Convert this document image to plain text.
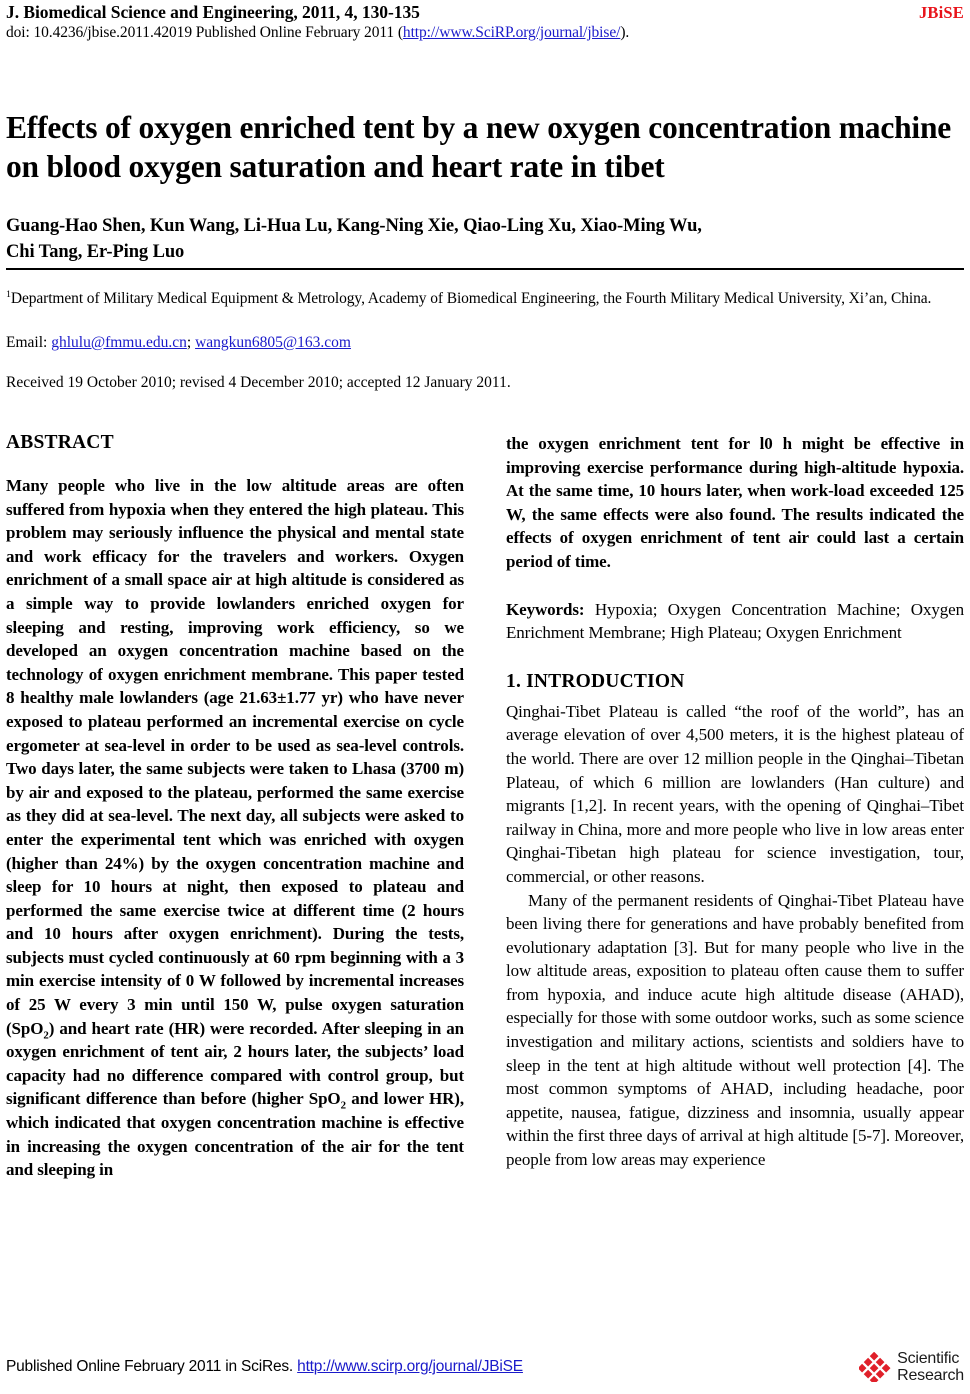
J. Biomedical Science and Engineering, 2011, 4, 130-135	JBiSE
doi: 10.4236/jbise.2011.42019 Published Online February 2011 (http://www.SciRP.org/journal/jbise/).
Effects of oxygen enriched tent by a new oxygen concentration machine on blood oxygen saturation and heart rate in tibet
Guang-Hao Shen, Kun Wang, Li-Hua Lu, Kang-Ning Xie, Qiao-Ling Xu, Xiao-Ming Wu,
Chi Tang, Er-Ping Luo
$^1$Department of Military Medical Equipment & Metrology, Academy of Biomedical Engineering, the Fourth Military Medical University, Xi’an, China.
Email: ghlulu@fmmu.edu.cn; wangkun6805@163.com
Received 19 October 2010; revised 4 December 2010; accepted 12 January 2011.
ABSTRACT

Many people who live in the low altitude areas are often suffered from hypoxia when they entered the high plateau. This problem may seriously influence the physical and mental state and work efficacy for the travelers and workers. Oxygen enrichment of a small space air at high altitude is considered as a simple way to provide lowlanders enriched oxygen for sleeping and resting, improving work efficiency, so we developed an oxygen concentration machine based on the technology of oxygen enrichment membrane. This paper tested 8 healthy male lowlanders (age 21.63±1.77 yr) who have never exposed to plateau performed an incremental exercise on cycle ergometer at sea-level in order to be used as sea-level controls. Two days later, the same subjects were taken to Lhasa (3700 m) by air and exposed to the plateau, performed the same exercise as they did at sea-level. The next day, all subjects were asked to enter the experimental tent which was enriched with oxygen (higher than 24%) by the oxygen concentration machine and sleep for 10 hours at night, then exposed to plateau and performed the same exercise twice at different time (2 hours and 10 hours after oxygen enrichment). During the tests, subjects must cycled continuously at 60 rpm beginning with a 3 min exercise intensity of 0 W followed by incremental increases of 25 W every 3 min until 150 W, pulse oxygen saturation (SpO$_2$) and heart rate (HR) were recorded. After sleeping in an oxygen enrichment of tent air, 2 hours later, the subjects’ load capacity had no difference compared with control group, but significant difference than before (higher SpO$_2$ and lower HR), which indicated that oxygen concentration machine is effective in increasing the oxygen concentration of the air for the tent and sleeping in

the oxygen enrichment tent for l0 h might be effective in improving exercise performance during high-altitude hypoxia. At the same time, 10 hours later, when work-load exceeded 125 W, the same effects were also found. The results indicated the effects of oxygen enrichment of tent air could last a certain period of time.

Keywords: Hypoxia; Oxygen Concentration Machine; Oxygen Enrichment Membrane; High Plateau; Oxygen Enrichment

1. INTRODUCTION

Qinghai-Tibet Plateau is called “the roof of the world”, has an average elevation of over 4,500 meters, it is the highest plateau of the world. There are over 12 million people in the Qinghai–Tibetan Plateau, of which 6 million are lowlanders (Han culture) and migrants [1,2]. In recent years, with the opening of Qinghai–Tibet railway in China, more and more people who live in low areas enter Qinghai-Tibetan high plateau for science investigation, tour, commercial, or other reasons.

Many of the permanent residents of Qinghai-Tibet Plateau have been living there for generations and have probably benefited from evolutionary adaptation [3]. But for many people who live in the low altitude areas, exposition to plateau often cause them to suffer from hypoxia, and induce acute high altitude disease (AHAD), especially for those with some outdoor works, such as some science investigation and military actions, scientists and soldiers have to sleep in the tent at high altitude without well protection [4]. The most common symptoms of AHAD, including headache, poor appetite, nausea, fatigue, dizziness and insomnia, usually appear within the first three days of arrival at high altitude [5-7]. Moreover, people from low areas may experience

Published Online February 2011 in SciRes. http://www.scirp.org/journal/JBiSE	Scientific
Research
